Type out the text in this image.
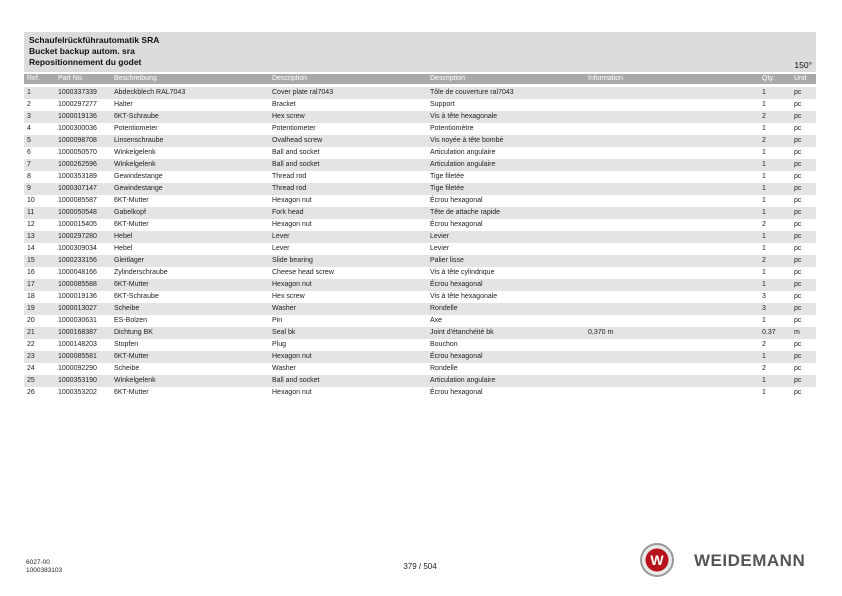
Schaufelrückführautomatik SRA
Bucket backup autom. sra
Repositionnement du godet	150°
Ref.	Part No.	Beschreibung	Description	Description	Information	Qty.	Unit
1	1000337339 Abdeckblech RAL7043	Cover plate ral7043	Tôle de couverture ral7043	1	pc
2	1000297277 Halter	Bracket	Support	1	pc
3	1000019136 6KT-Schraube	Hex screw	Vis à tête hexagonale	2	pc
4	1000300036 Potentiometer	Potentiometer	Potentiomètre	1	pc
5	1000098708 Linsenschraube	Ovalhead screw	Vis noyée à tête bombé	2	pc
6	1000050570 Winkelgelenk	Ball and socket	Articulation angulaire	1	pc
7	1000262596 Winkelgelenk	Ball and socket	Articulation angulaire	1	pc
8	1000353189 Gewindestange	Thread rod	Tige filetée	1	pc
9	1000307147 Gewindestange	Thread rod	Tige filetée	1	pc
10	1000085587 6KT-Mutter	Hexagon nut	Écrou hexagonal	1	pc
11	1000050548 Gabelkopf	Fork head	Tête de attache rapide	1	pc
12	1000015405 6KT-Mutter	Hexagon nut	Écrou hexagonal	2	pc
13	1000297280 Hebel	Lever	Levier	1	pc
14	1000309034 Hebel	Lever	Levier	1	pc
15	1000233156 Gleitlager	Slide bearing	Palier lisse	2	pc
16	1000048166 Zylinderschraube	Cheese head screw	Vis à tête cylindrique	1	pc
17	1000085588 6KT-Mutter	Hexagon nut	Écrou hexagonal	1	pc
18	1000019136 6KT-Schraube	Hex screw	Vis à tête hexagonale	3	pc
19	1000013027 Scheibe	Washer	Rondelle	3	pc
20	1000030631 ES-Bolzen	Pin	Axe	1	pc
21	1000168387 Dichtung BK	Seal bk	Joint d'étanchéité bk	0,370 m	0.37	m
22	1000148203 Stopfen	Plug	Bouchon	2	pc
23	1000085581 6KT-Mutter	Hexagon nut	Écrou hexagonal	1	pc
24	1000092290 Scheibe	Washer	Rondelle	2	pc
25	1000353190 Winkelgelenk	Ball and socket	Articulation angulaire	1	pc
26	1000353202 6KT-Mutter	Hexagon nut	Écrou hexagonal	1	pc
6027-00
1000383103	379 / 504	W WEIDEMANN
